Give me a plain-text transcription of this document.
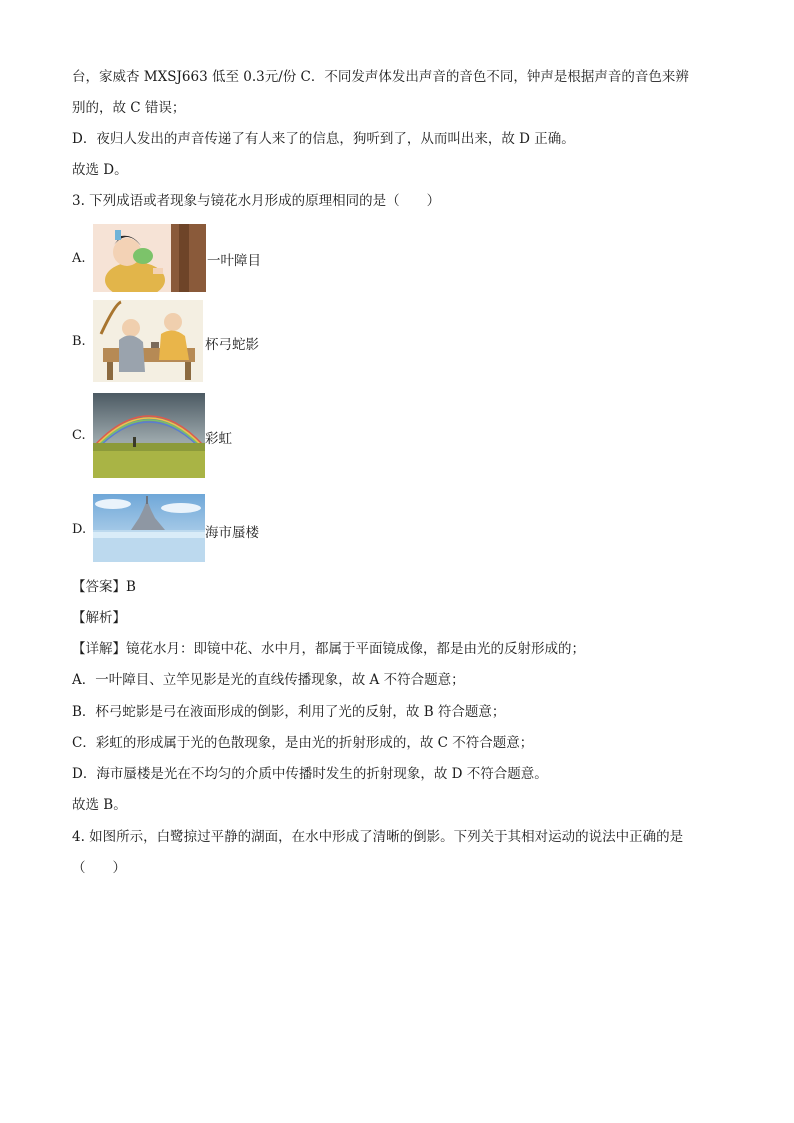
台，家威杏 MXSJ663 低至 0.3元/份 C．不同发声体发出声音的音色不同，钟声是根据声音的音色来辨
别的，故 C 错误；
D．夜归人发出的声音传递了有人来了的信息，狗听到了，从而叫出来，故 D 正确。
故选 D。
3. 下列成语或者现象与镜花水月形成的原理相同的是（　　）
A.	一叶障目
B.	杯弓蛇影
C.	彩虹
D.	海市蜃楼
【答案】B
【解析】
【详解】镜花水月：即镜中花、水中月，都属于平面镜成像，都是由光的反射形成的；
A．一叶障目、立竿见影是光的直线传播现象，故 A 不符合题意；
B．杯弓蛇影是弓在液面形成的倒影，利用了光的反射，故 B 符合题意；
C．彩虹的形成属于光的色散现象，是由光的折射形成的，故 C 不符合题意；
D．海市蜃楼是光在不均匀的介质中传播时发生的折射现象，故 D 不符合题意。
故选 B。
4. 如图所示，白鹭掠过平静的湖面，在水中形成了清晰的倒影。下列关于其相对运动的说法中正确的是
（　　）
